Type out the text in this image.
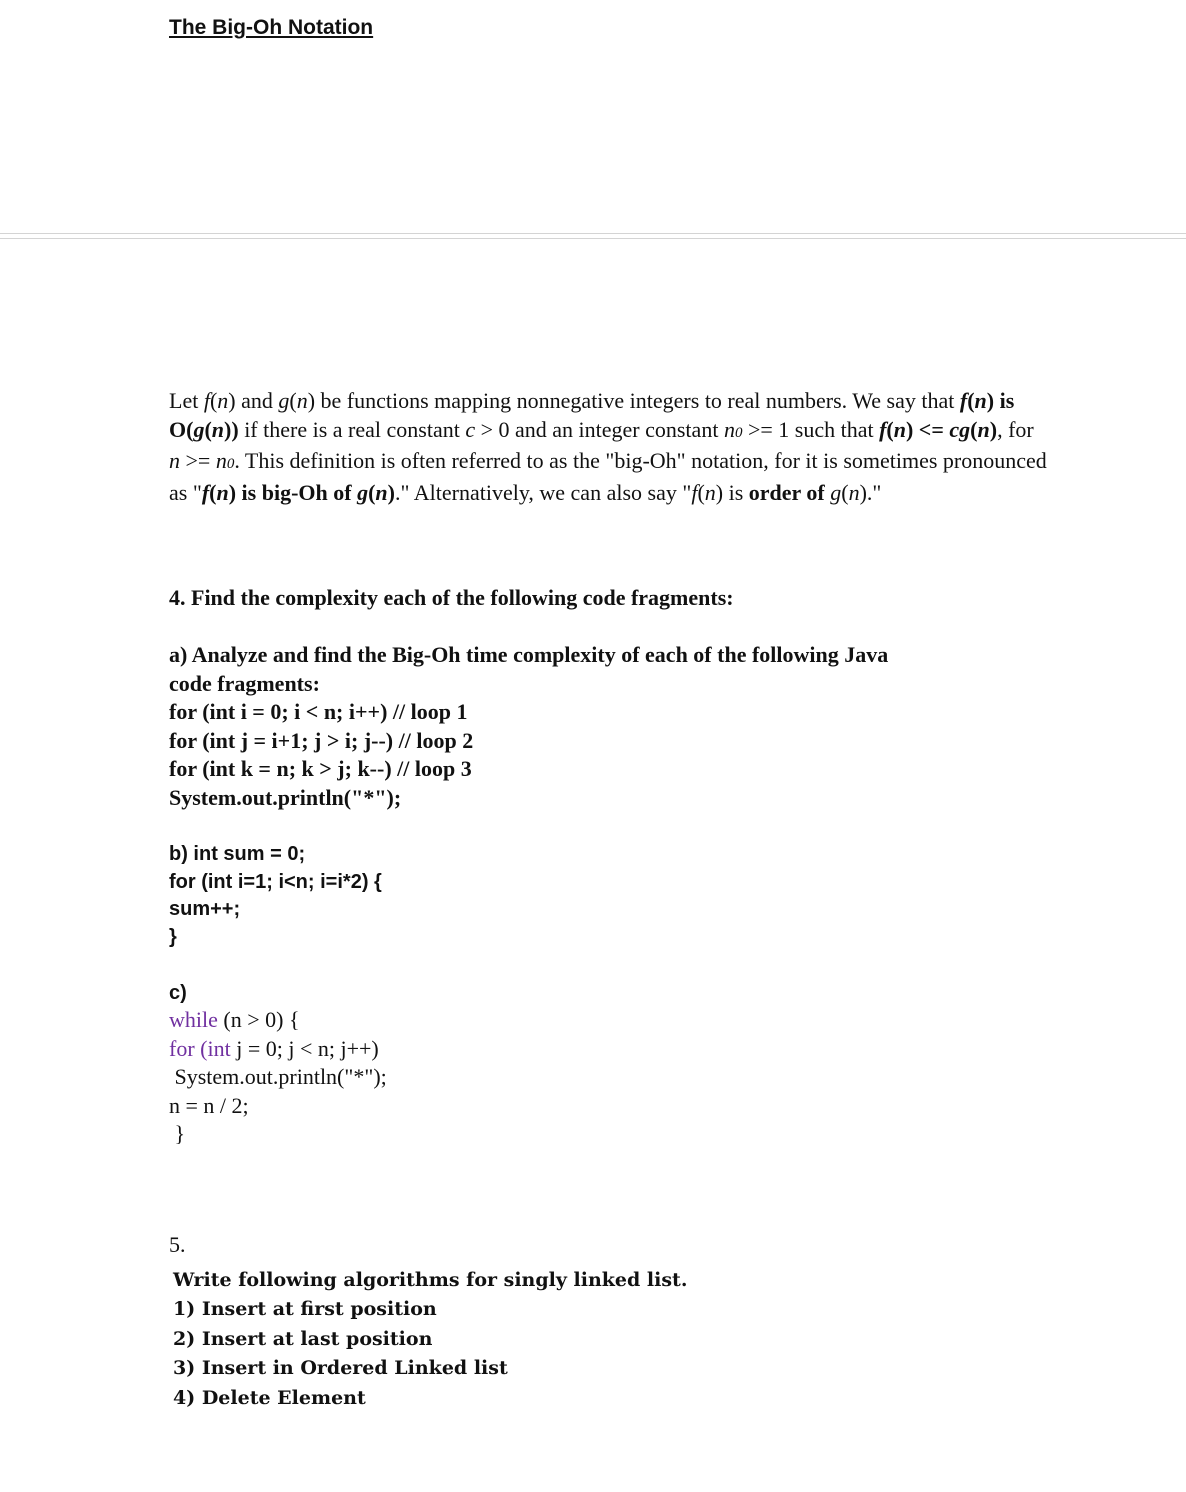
The Big-Oh Notation

Let f(n) and g(n) be functions mapping nonnegative integers to real numbers. We say that f(n) is O(g(n)) if there is a real constant c > 0 and an integer constant n0 >= 1 such that f(n) <= cg(n), for n >= n0. This definition is often referred to as the "big-Oh" notation, for it is sometimes pronounced as "f(n) is big-Oh of g(n)." Alternatively, we can also say "f(n) is order of g(n)."

4. Find the complexity each of the following code fragments:

a) Analyze and find the Big-Oh time complexity of each of the following Java
code fragments:
for (int i = 0; i < n; i++) // loop 1
for (int j = i+1; j > i; j--) // loop 2
for (int k = n; k > j; k--) // loop 3
System.out.println("*");
b) int sum = 0;
for (int i=1; i<n; i=i*2) {
sum++;
}
c)
while (n > 0) {
for (int j = 0; j < n; j++)
System.out.println("*");
n = n / 2;
}

5.

Write following algorithms for singly linked list.
1) Insert at first position
2) Insert at last position
3) Insert in Ordered Linked list
4) Delete Element
